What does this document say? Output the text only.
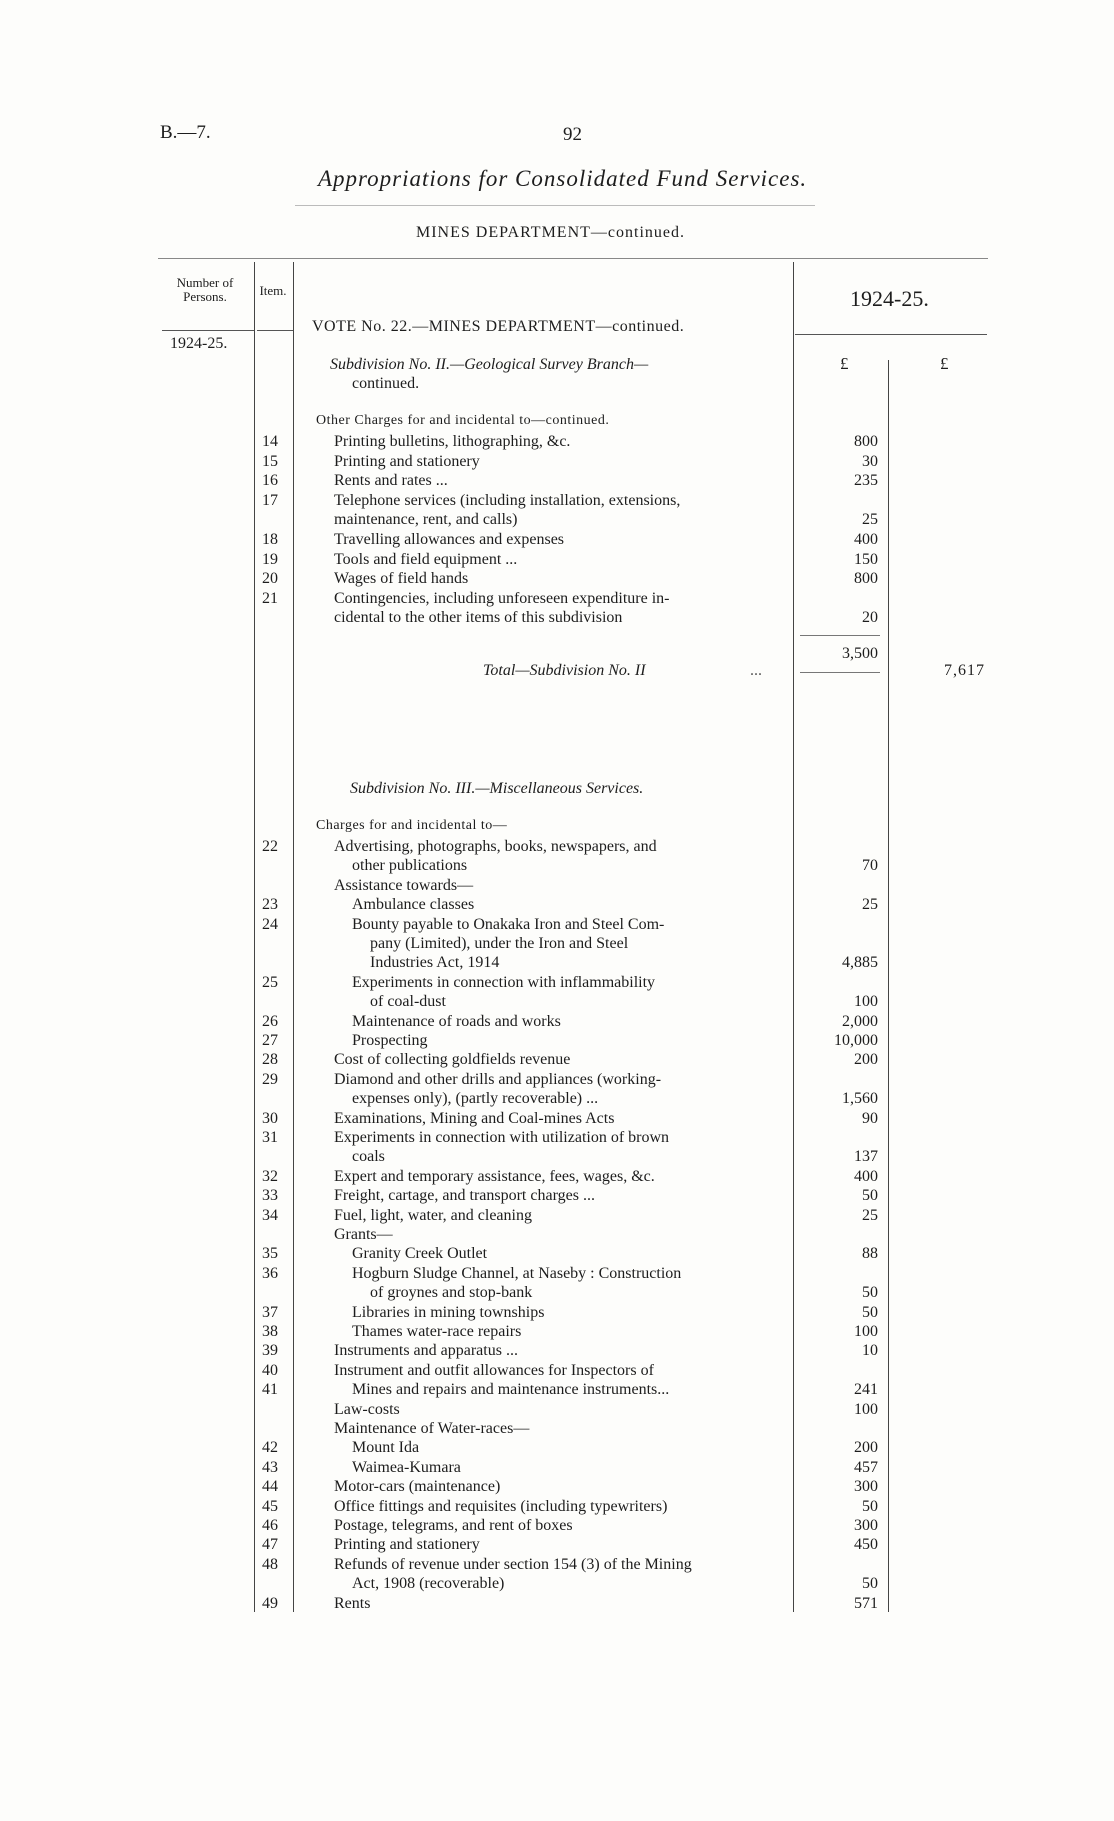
B.—7.	92
Appropriations for Consolidated Fund Services.
MINES DEPARTMENT—continued.
Number of Persons.	Item.
1924-25.
VOTE No. 22.—MINES DEPARTMENT—continued.
1924-25.
£	£
Subdivision No. II.—Geological Survey Branch—
continued.
Other Charges for and incidental to—continued.
14	Printing bulletins, lithographing, &c.	800
15	Printing and stationery	30
16	Rents and rates ...	235
17	Telephone services (including installation, extensions,
maintenance, rent, and calls)	25
18	Travelling allowances and expenses	400
19	Tools and field equipment ...	150
20	Wages of field hands	800
21	Contingencies, including unforeseen expenditure in-
cidental to the other items of this subdivision	20
3,500
Total—Subdivision No. II	...	7,617
Subdivision No. III.—Miscellaneous Services.
Charges for and incidental to—
22	Advertising, photographs, books, newspapers, and
other publications	70
Assistance towards—
23	Ambulance classes	25
24	Bounty payable to Onakaka Iron and Steel Com-
pany (Limited), under the Iron and Steel
Industries Act, 1914	4,885
25	Experiments in connection with inflammability
of coal-dust	100
26	Maintenance of roads and works	2,000
27	Prospecting	10,000
28	Cost of collecting goldfields revenue	200
29	Diamond and other drills and appliances (working-
expenses only), (partly recoverable) ...	1,560
30	Examinations, Mining and Coal-mines Acts	90
31	Experiments in connection with utilization of brown
coals	137
32	Expert and temporary assistance, fees, wages, &c.	400
33	Freight, cartage, and transport charges ...	50
34	Fuel, light, water, and cleaning	25
Grants—
35	Granity Creek Outlet	88
36	Hogburn Sludge Channel, at Naseby : Construction
of groynes and stop-bank	50
37	Libraries in mining townships	50
38	Thames water-race repairs	100
39	Instruments and apparatus ...	10
40	Instrument and outfit allowances for Inspectors of
41	Mines and repairs and maintenance instruments...	241
Law-costs	100
Maintenance of Water-races—
42	Mount Ida	200
43	Waimea-Kumara	457
44	Motor-cars (maintenance)	300
45	Office fittings and requisites (including typewriters)	50
46	Postage, telegrams, and rent of boxes	300
47	Printing and stationery	450
48	Refunds of revenue under section 154 (3) of the Mining
Act, 1908 (recoverable)	50
49	Rents	571
